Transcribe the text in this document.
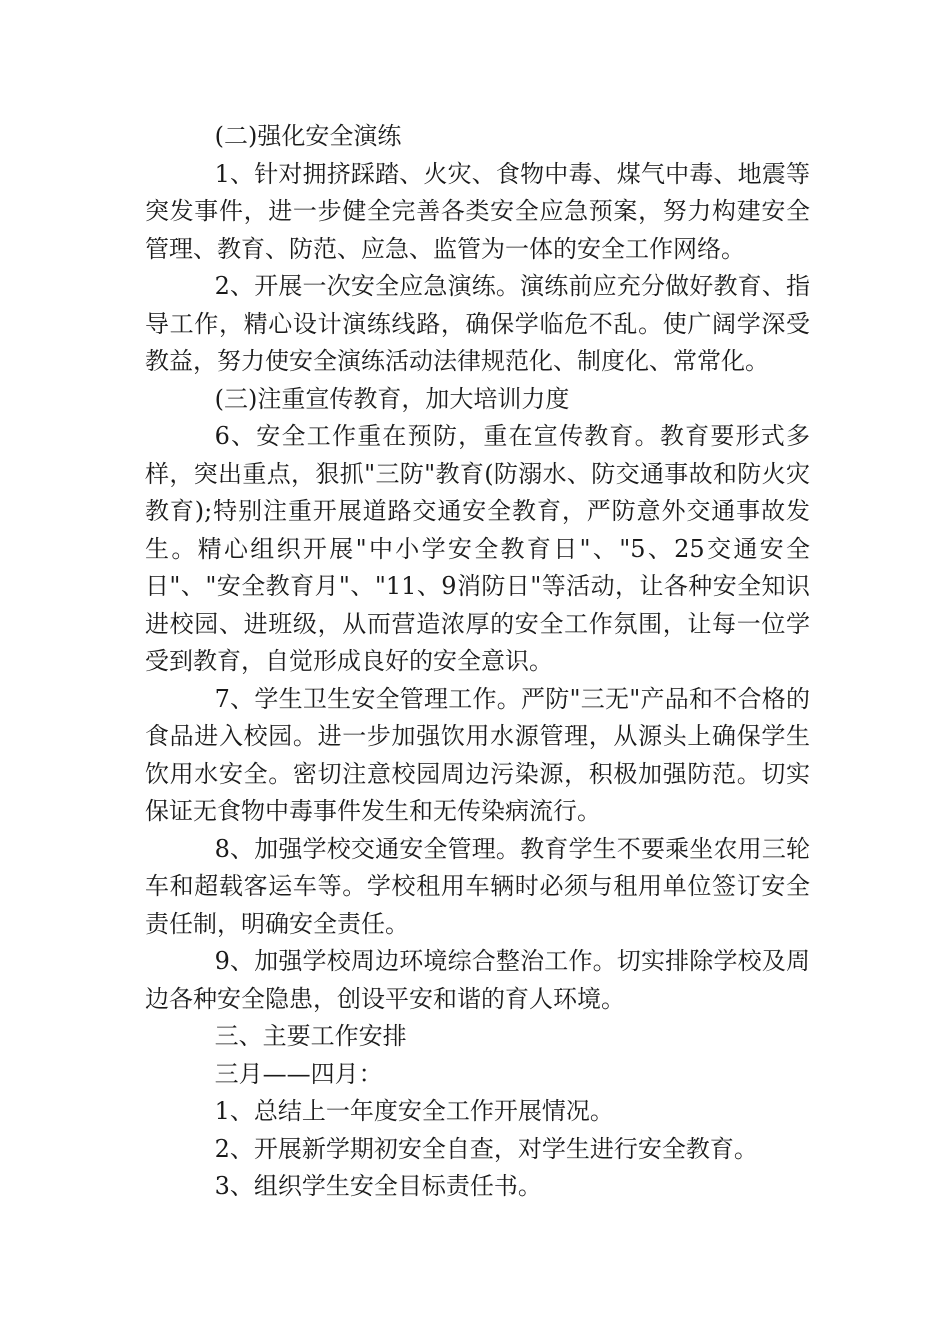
(二)强化安全演练

1、针对拥挤踩踏、火灾、食物中毒、煤气中毒、地震等突发事件，进一步健全完善各类安全应急预案，努力构建安全管理、教育、防范、应急、监管为一体的安全工作网络。

2、开展一次安全应急演练。演练前应充分做好教育、指导工作，精心设计演练线路，确保学临危不乱。使广阔学深受教益，努力使安全演练活动法律规范化、制度化、常常化。

(三)注重宣传教育，加大培训力度

6、安全工作重在预防，重在宣传教育。教育要形式多样，突出重点，狠抓"三防"教育(防溺水、防交通事故和防火灾教育);特别注重开展道路交通安全教育，严防意外交通事故发生。精心组织开展"中小学安全教育日"、"5、25交通安全日"、"安全教育月"、"11、9消防日"等活动，让各种安全知识进校园、进班级，从而营造浓厚的安全工作氛围，让每一位学受到教育，自觉形成良好的安全意识。

7、学生卫生安全管理工作。严防"三无"产品和不合格的食品进入校园。进一步加强饮用水源管理，从源头上确保学生饮用水安全。密切注意校园周边污染源，积极加强防范。切实保证无食物中毒事件发生和无传染病流行。

8、加强学校交通安全管理。教育学生不要乘坐农用三轮车和超载客运车等。学校租用车辆时必须与租用单位签订安全责任制，明确安全责任。

9、加强学校周边环境综合整治工作。切实排除学校及周边各种安全隐患，创设平安和谐的育人环境。

三、主要工作安排

三月——四月：

1、总结上一年度安全工作开展情况。

2、开展新学期初安全自查，对学生进行安全教育。

3、组织学生安全目标责任书。
